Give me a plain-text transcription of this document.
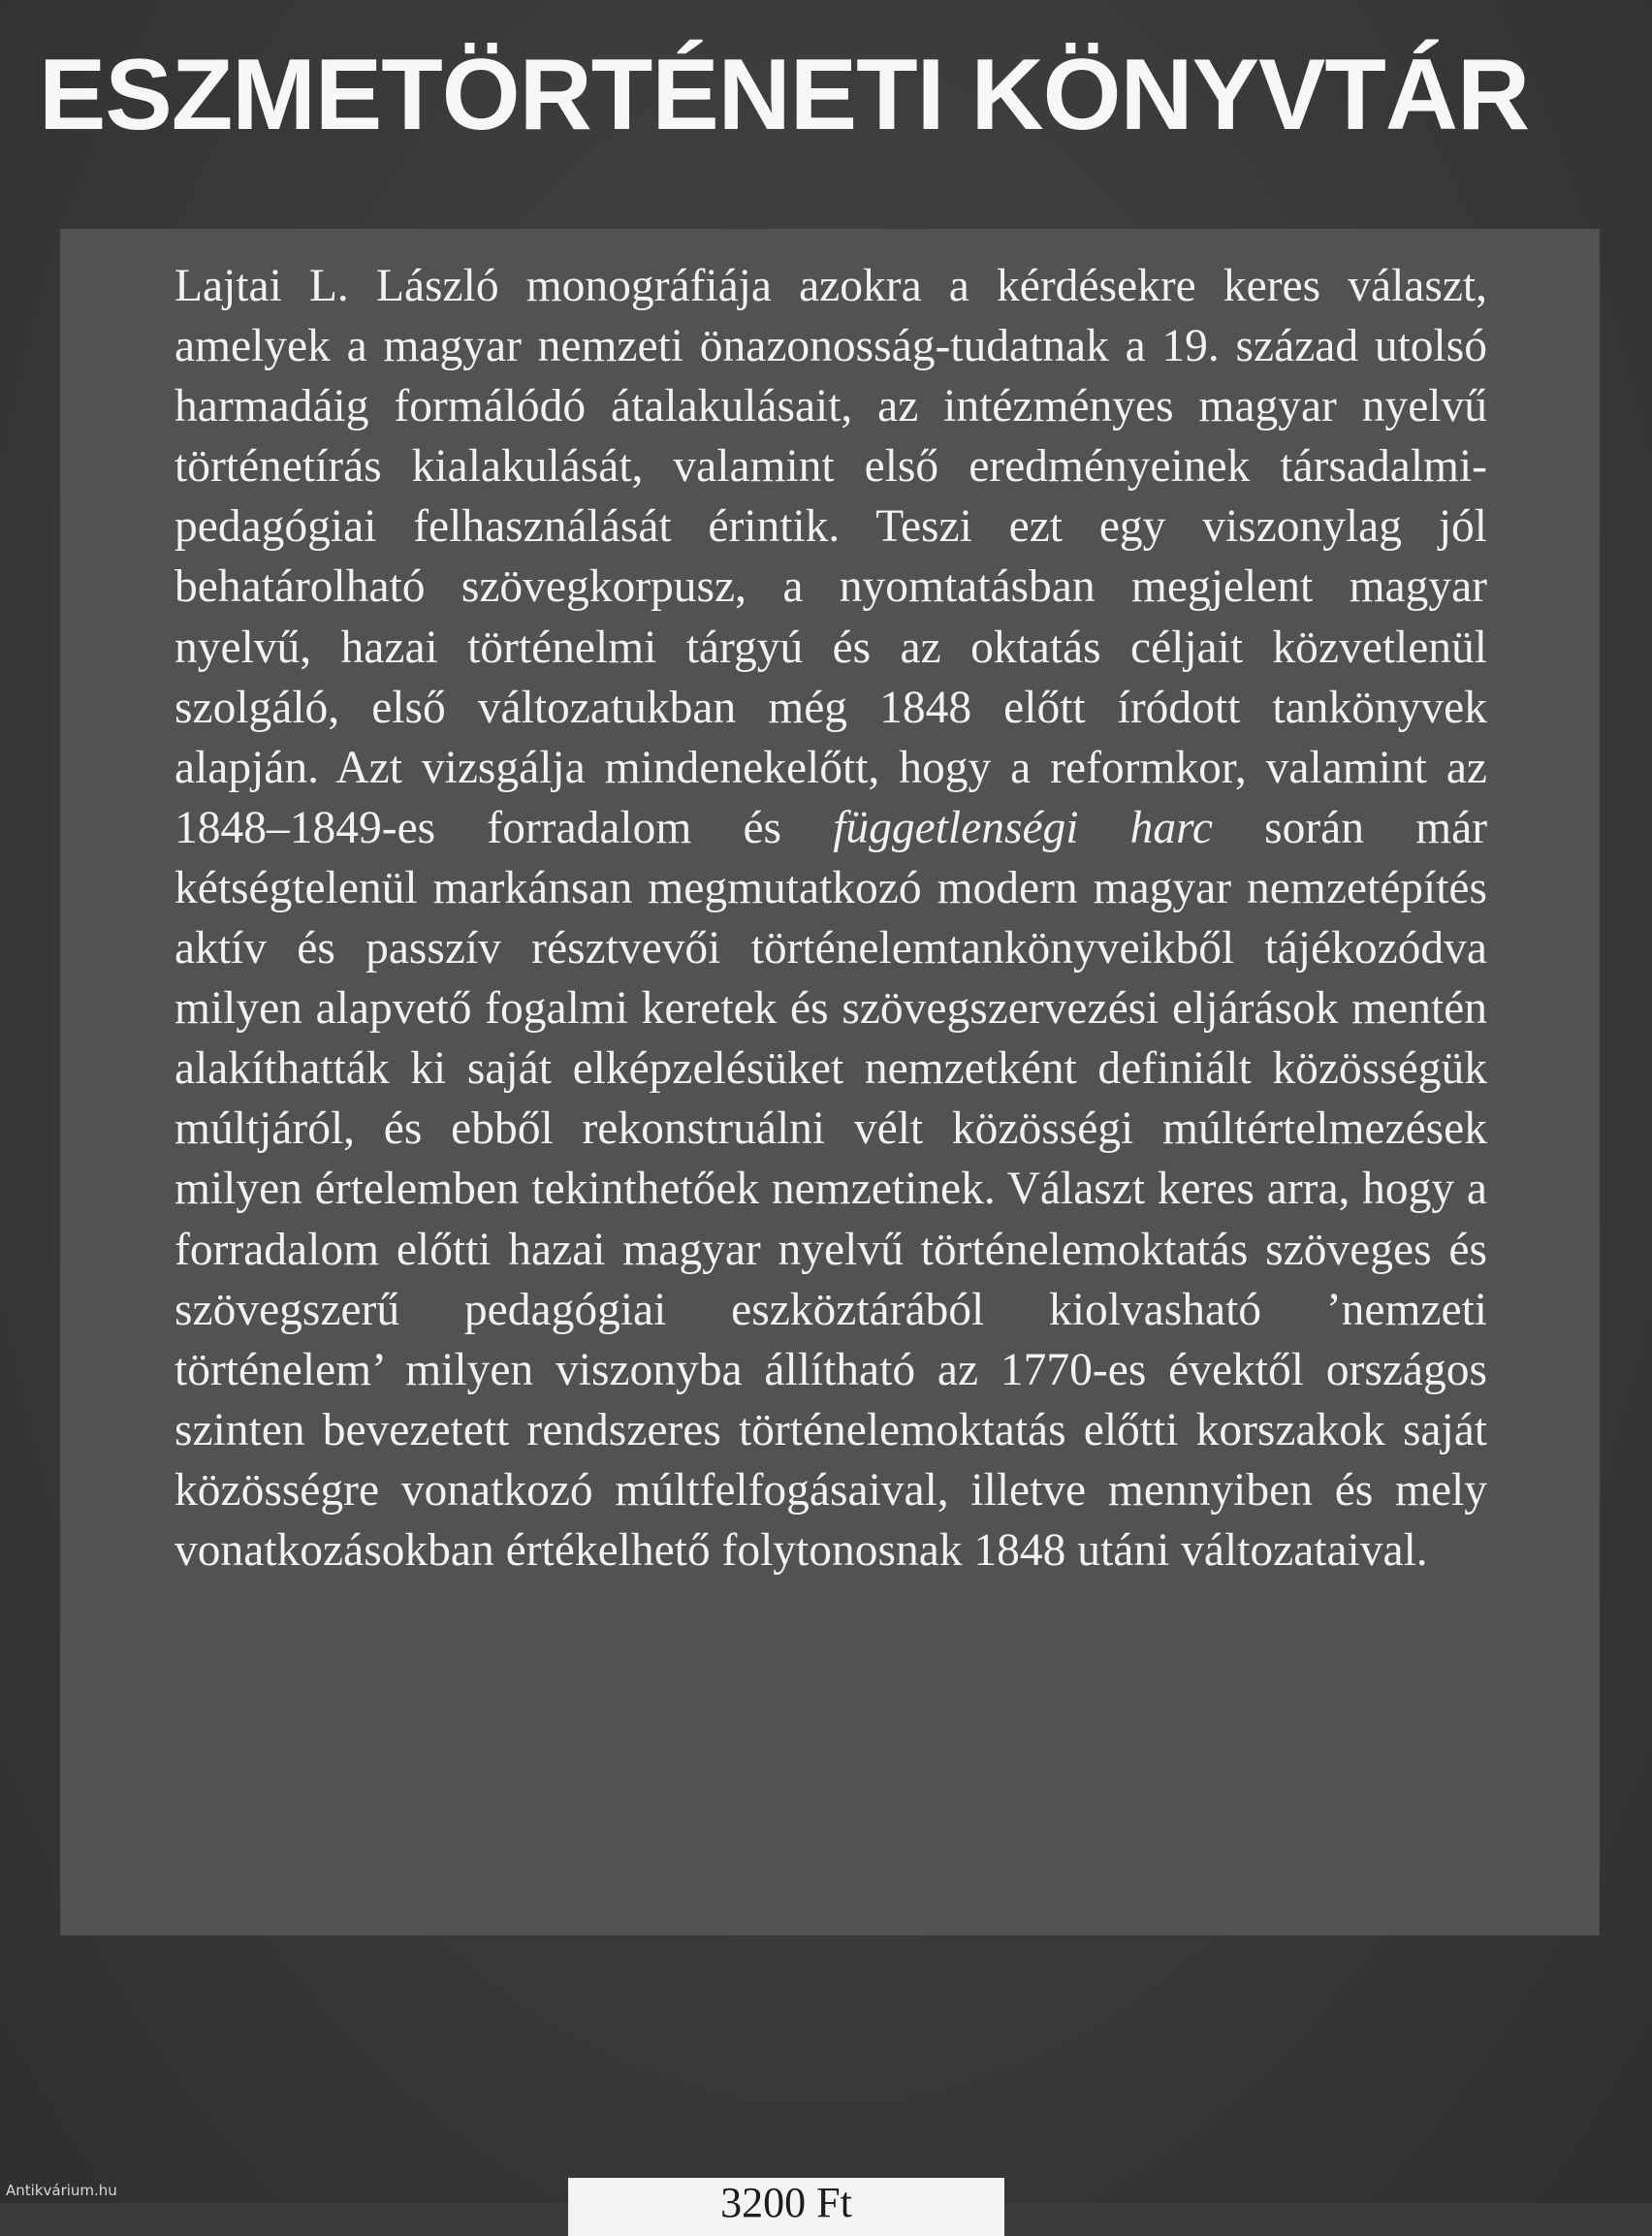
ESZMETÖRTÉNETI KÖNYVTÁR

Lajtai L. László monográfiája azokra a kérdésekre keres választ, amelyek a magyar nemzeti önazonosság-tudatnak a 19. század utolsó harmadáig formálódó átalakulásait, az intézményes magyar nyelvű történetírás kialakulását, valamint első eredményeinek társadalmi-pedagógiai felhasználását érintik. Teszi ezt egy viszonylag jól behatárolható szövegkorpusz, a nyomtatásban megjelent magyar nyelvű, hazai történelmi tárgyú és az oktatás céljait közvetlenül szolgáló, első változatukban még 1848 előtt íródott tankönyvek alapján. Azt vizsgálja mindenekelőtt, hogy a reformkor, valamint az 1848–1849-es forradalom és függetlenségi harc során már kétségtelenül markánsan megmutatkozó modern magyar nemzetépítés aktív és passzív résztvevői történelemtankönyveikből tájékozódva milyen alapvető fogalmi keretek és szövegszervezési eljárások mentén alakíthatták ki saját elképzelésüket nemzetként definiált közösségük múltjáról, és ebből rekonstruálni vélt közösségi múltértelmezések milyen értelemben tekinthetőek nemzetinek. Választ keres arra, hogy a forradalom előtti hazai magyar nyelvű történelemoktatás szöveges és szövegszerű pedagógiai eszköztárából kiolvasható ’nemzeti történelem’ milyen viszonyba állítható az 1770-es évektől országos szinten bevezetett rendszeres történelemoktatás előtti korszakok saját közösségre vonatkozó múltfelfogásaival, illetve mennyiben és mely vonatkozásokban értékelhető folytonosnak 1848 utáni változataival.

3200 Ft
Antikvárium.hu
